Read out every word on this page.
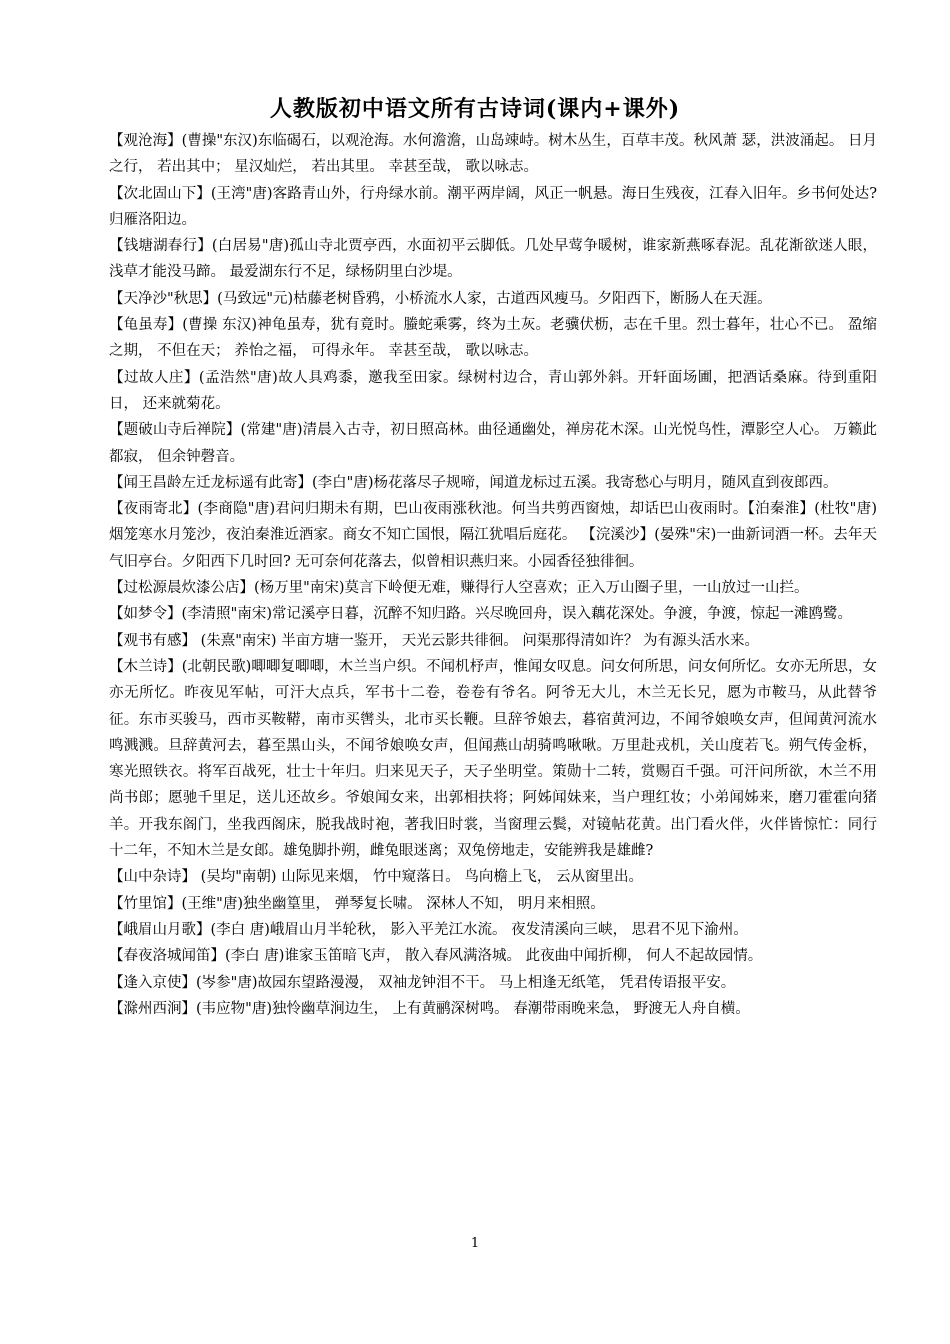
人教版初中语文所有古诗词(课内+课外)

【观沧海】(曹操"东汉)东临碣石，以观沧海。水何澹澹，山岛竦峙。树木丛生，百草丰茂。秋风萧 瑟，洪波涌起。 日月之行， 若出其中； 星汉灿烂， 若出其里。 幸甚至哉， 歌以咏志。

【次北固山下】(王湾"唐)客路青山外，行舟绿水前。潮平两岸阔，风正一帆悬。海日生残夜，江春入旧年。乡书何处达? 归雁洛阳边。

【钱塘湖春行】(白居易"唐)孤山寺北贾亭西，水面初平云脚低。几处早莺争暖树，谁家新燕啄春泥。乱花渐欲迷人眼，浅草才能没马蹄。 最爱湖东行不足，绿杨阴里白沙堤。

【天净沙"秋思】(马致远"元)枯藤老树昏鸦，小桥流水人家，古道西风瘦马。夕阳西下，断肠人在天涯。

【龟虽寿】(曹操 东汉)神龟虽寿，犹有竟时。螣蛇乘雾，终为土灰。老骥伏枥，志在千里。烈士暮年，壮心不已。 盈缩之期， 不但在天； 养怡之福， 可得永年。 幸甚至哉， 歌以咏志。

【过故人庄】(孟浩然"唐)故人具鸡黍，邀我至田家。绿树村边合，青山郭外斜。开轩面场圃，把酒话桑麻。待到重阳日， 还来就菊花。

【题破山寺后禅院】(常建"唐)清晨入古寺，初日照高林。曲径通幽处，禅房花木深。山光悦鸟性，潭影空人心。 万籁此都寂， 但余钟磬音。

【闻王昌龄左迁龙标遥有此寄】(李白"唐)杨花落尽子规啼，闻道龙标过五溪。我寄愁心与明月，随风直到夜郎西。

【夜雨寄北】(李商隐"唐)君问归期未有期，巴山夜雨涨秋池。何当共剪西窗烛，却话巴山夜雨时。【泊秦淮】(杜牧"唐)烟笼寒水月笼沙，夜泊秦淮近酒家。商女不知亡国恨，隔江犹唱后庭花。 【浣溪沙】(晏殊"宋)一曲新词酒一杯。去年天气旧亭台。夕阳西下几时回? 无可奈何花落去，似曾相识燕归来。小园香径独徘徊。

【过松源晨炊漆公店】(杨万里"南宋)莫言下岭便无难，赚得行人空喜欢；正入万山圈子里，一山放过一山拦。

【如梦令】(李清照"南宋)常记溪亭日暮，沉醉不知归路。兴尽晚回舟，误入藕花深处。争渡，争渡，惊起一滩鸥鹭。

【观书有感】 (朱熹"南宋) 半亩方塘一鉴开， 天光云影共徘徊。 问渠那得清如许？ 为有源头活水来。

【木兰诗】(北朝民歌)唧唧复唧唧，木兰当户织。不闻机杼声，惟闻女叹息。问女何所思，问女何所忆。女亦无所思，女亦无所忆。昨夜见军帖，可汗大点兵，军书十二卷，卷卷有爷名。阿爷无大儿，木兰无长兄，愿为市鞍马，从此替爷征。东市买骏马，西市买鞍鞯，南市买辔头，北市买长鞭。旦辞爷娘去，暮宿黄河边，不闻爷娘唤女声，但闻黄河流水鸣溅溅。旦辞黄河去，暮至黑山头，不闻爷娘唤女声，但闻燕山胡骑鸣啾啾。万里赴戎机，关山度若飞。朔气传金柝，寒光照铁衣。将军百战死，壮士十年归。归来见天子，天子坐明堂。策勋十二转，赏赐百千强。可汗问所欲，木兰不用尚书郎；愿驰千里足，送儿还故乡。爷娘闻女来，出郭相扶将；阿姊闻妹来，当户理红妆；小弟闻姊来，磨刀霍霍向猪羊。开我东阁门，坐我西阁床，脱我战时袍，著我旧时裳，当窗理云鬓，对镜帖花黄。出门看火伴，火伴皆惊忙：同行十二年，不知木兰是女郎。雄兔脚扑朔，雌兔眼迷离；双兔傍地走，安能辨我是雄雌?

【山中杂诗】 (吴均"南朝) 山际见来烟， 竹中窥落日。 鸟向檐上飞， 云从窗里出。

【竹里馆】(王维"唐)独坐幽篁里， 弹琴复长啸。 深林人不知， 明月来相照。

【峨眉山月歌】(李白 唐)峨眉山月半轮秋， 影入平羌江水流。 夜发清溪向三峡， 思君不见下渝州。

【春夜洛城闻笛】(李白 唐)谁家玉笛暗飞声， 散入春风满洛城。 此夜曲中闻折柳， 何人不起故园情。

【逢入京使】(岑参"唐)故园东望路漫漫， 双袖龙钟泪不干。 马上相逢无纸笔， 凭君传语报平安。

【滁州西涧】(韦应物"唐)独怜幽草涧边生， 上有黄鹂深树鸣。 春潮带雨晚来急， 野渡无人舟自横。

1
